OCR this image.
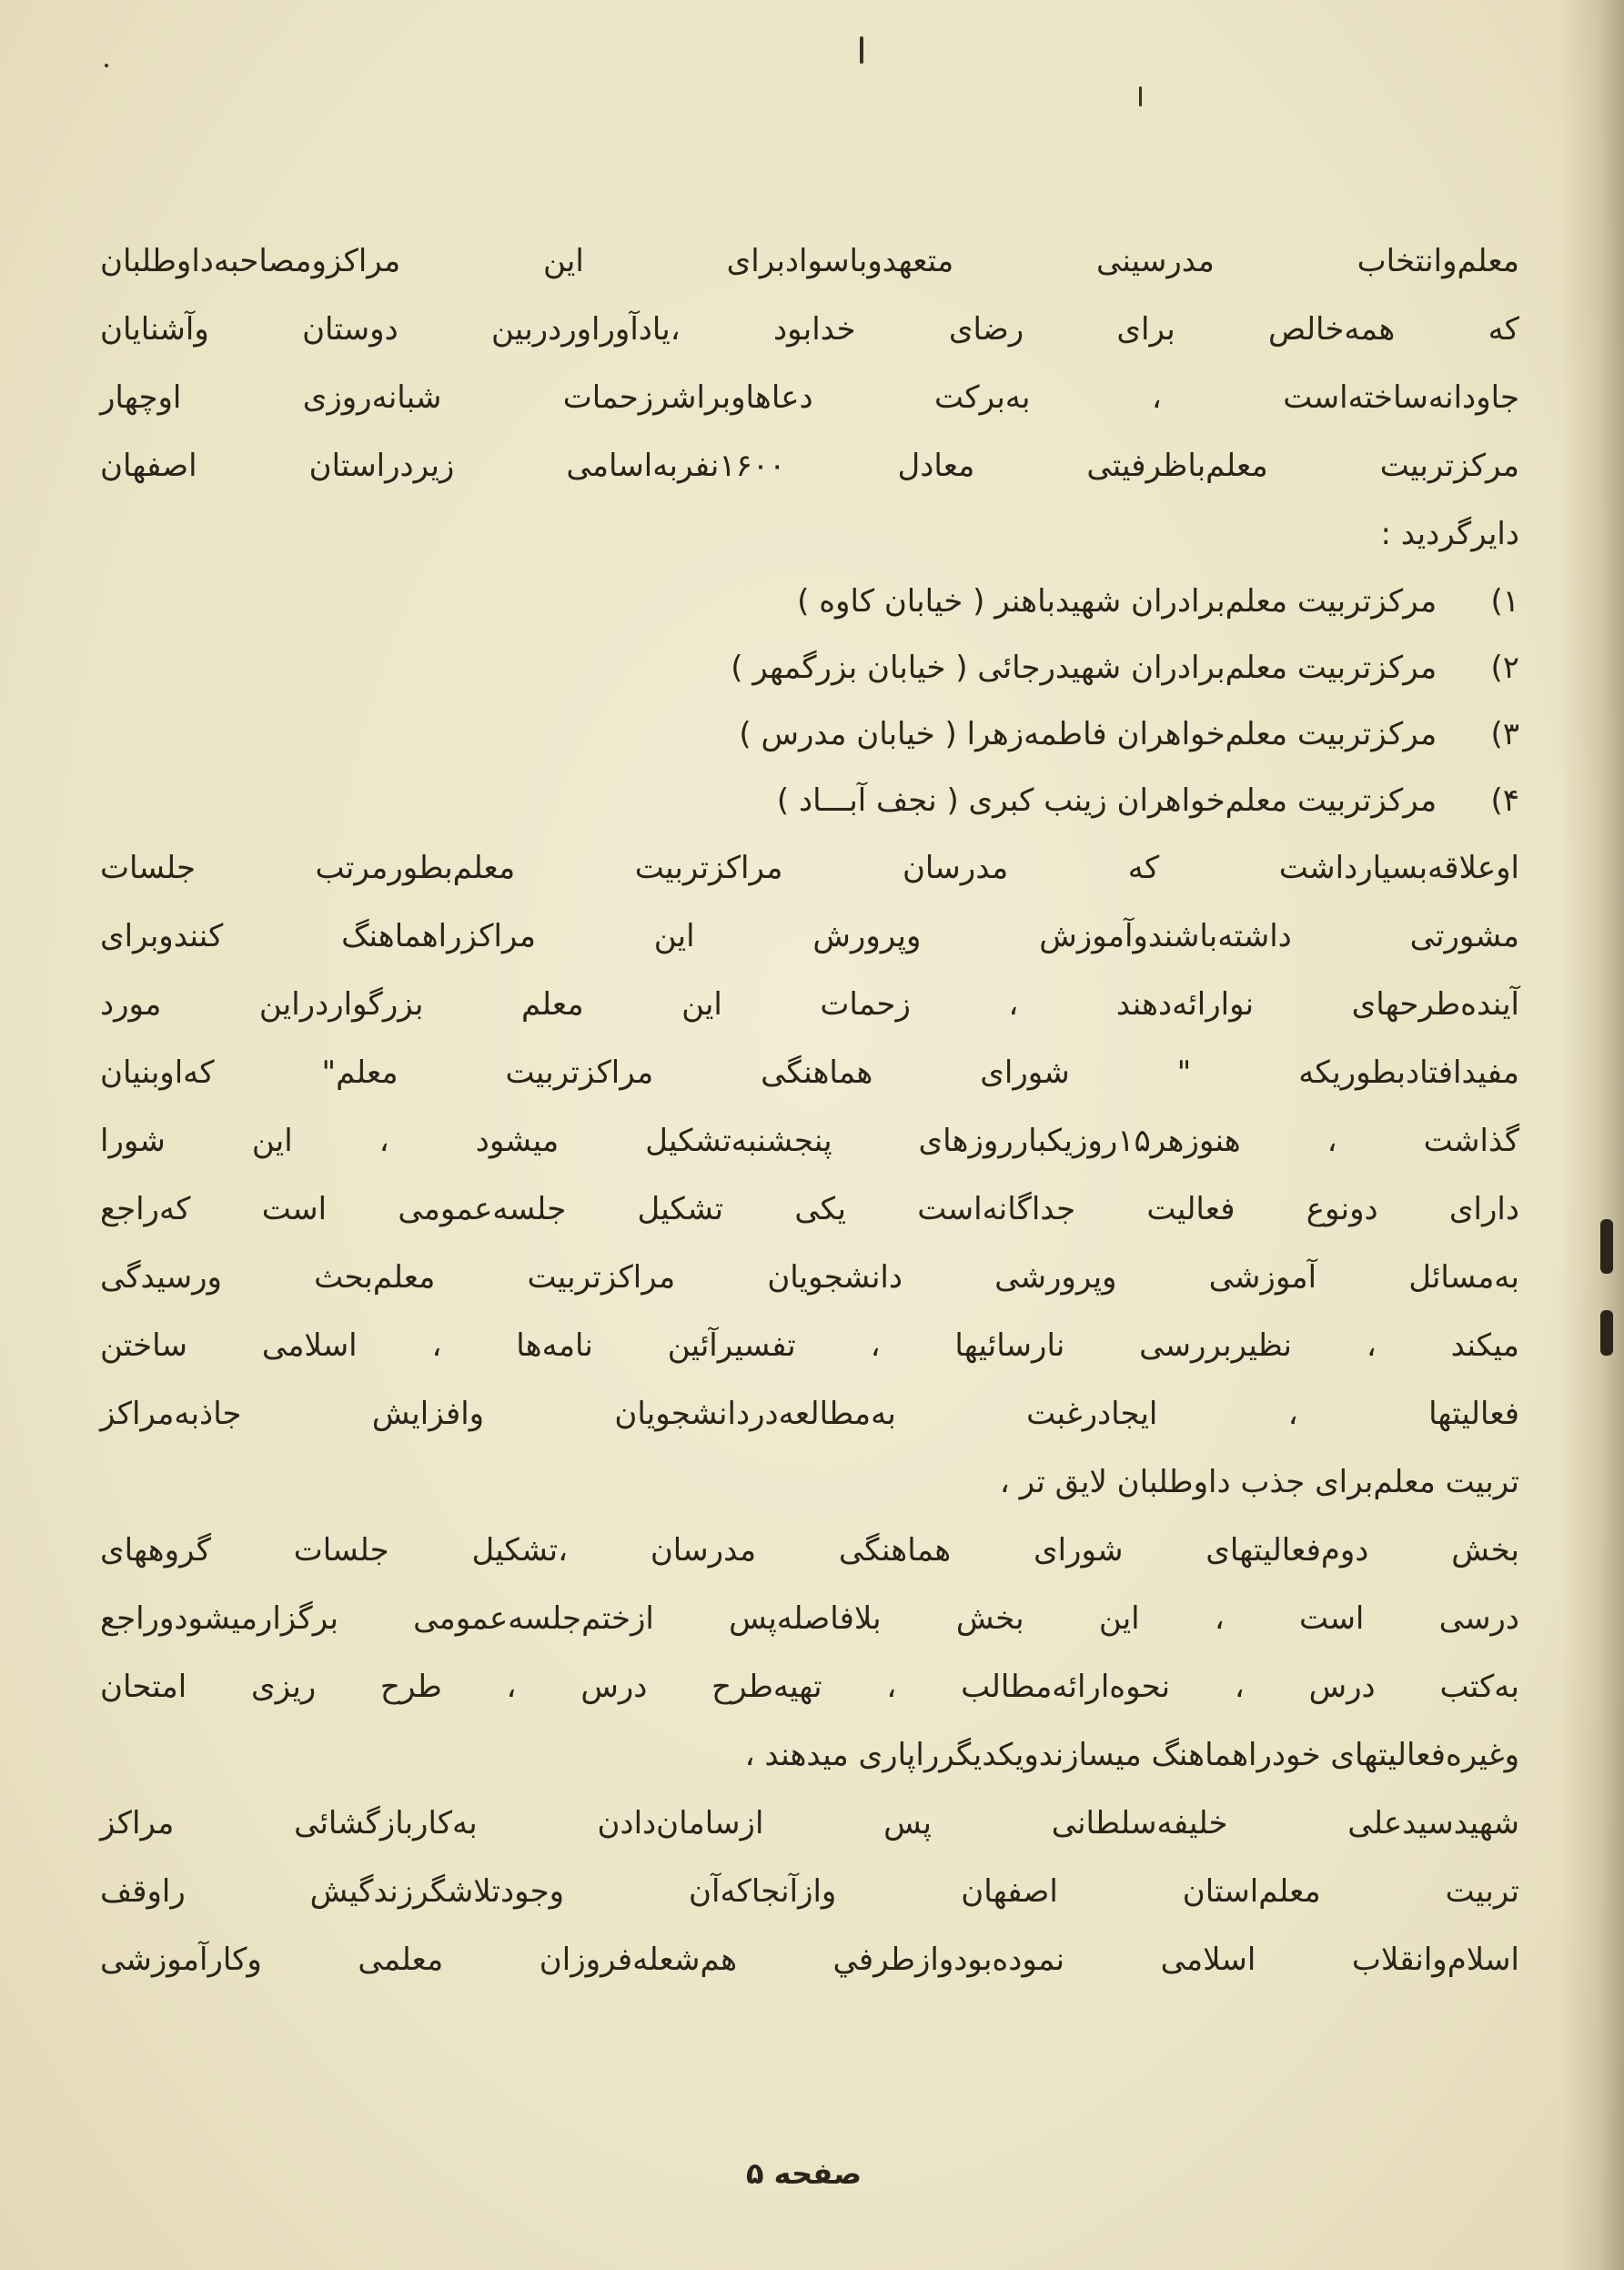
معلم‌وانتخاب مدرسینی متعهدوباسوادبرای این مراکزومصاحبه‌داوطلبان
که همه‌خالص برای رضای خدابود ،یادآوراوردربین دوستان وآشنایان
جاودانه‌ساخته‌است ، به‌برکت دعاهاوبراشرزحمات شبانه‌روزی اوچهار
مرکزتربیت معلم‌باظرفیتی معادل ۱۶۰۰نفربه‌اسامی زیردراستان اصفهان
دایرگردید :
۱) مرکزتربیت معلم‌برادران شهیدباهنر ( خیابان کاوه )
۲) مرکزتربیت معلم‌برادران شهیدرجائی ( خیابان بزرگمهر )
۳) مرکزتربیت معلم‌خواهران فاطمه‌زهرا ( خیابان مدرس )
۴) مرکزتربیت معلم‌خواهران زینب کبری ( نجف آبـــاد )
اوعلاقه‌بسیارداشت که مدرسان مراکزتربیت معلم‌بطورمرتب جلسات
مشورتی داشته‌باشندوآموزش وپرورش این مراکزراهماهنگ کنندوبرای
آینده‌طرحهای نوارائه‌دهند ، زحمات این معلم بزرگواردراین مورد
مفیدافتادبطوریکه " شورای هماهنگی مراکزتربیت معلم" که‌اوبنیان
گذاشت ، هنوزهر۱۵روزیکبارروزهای پنجشنبه‌تشکیل میشود ، این شورا
دارای دونوع فعالیت جداگانه‌است یکی تشکیل جلسه‌عمومی است که‌راجع
به‌مسائل آموزشی وپرورشی دانشجویان مراکزتربیت معلم‌بحث ورسیدگی
میکند ، نظیربررسی نارسائیها ، تفسیرآئین نامه‌ها ، اسلامی ساختن
فعالیتها ، ایجادرغبت به‌مطالعه‌دردانشجویان وافزایش جاذبه‌مراکز
تربیت معلم‌برای جذب داوطلبان لایق تر ،
بخش دوم‌فعالیتهای شورای هماهنگی مدرسان ،تشکیل جلسات گروههای
درسی است ، این بخش بلافاصله‌پس ازختم‌جلسه‌عمومی برگزارمیشودوراجع
به‌کتب درس ، نحوه‌ارائه‌مطالب ، تهیه‌طرح درس ، طرح ریزی امتحان
وغیره‌فعالیتهای خودراهماهنگ میسازندویکدیگرراپاری میدهند ،
شهیدسیدعلی خلیفه‌سلطانی پس ازسامان‌دادن به‌کاربازگشائی مراکز
تربیت معلم‌استان اصفهان وازآنجاکه‌آن وجودتلاشگرزندگیش راوقف
اسلام‌وانقلاب اسلامی نموده‌بودوازطرفي هم‌شعله‌فروزان معلمی وکارآموزشی
صفحه ۵
